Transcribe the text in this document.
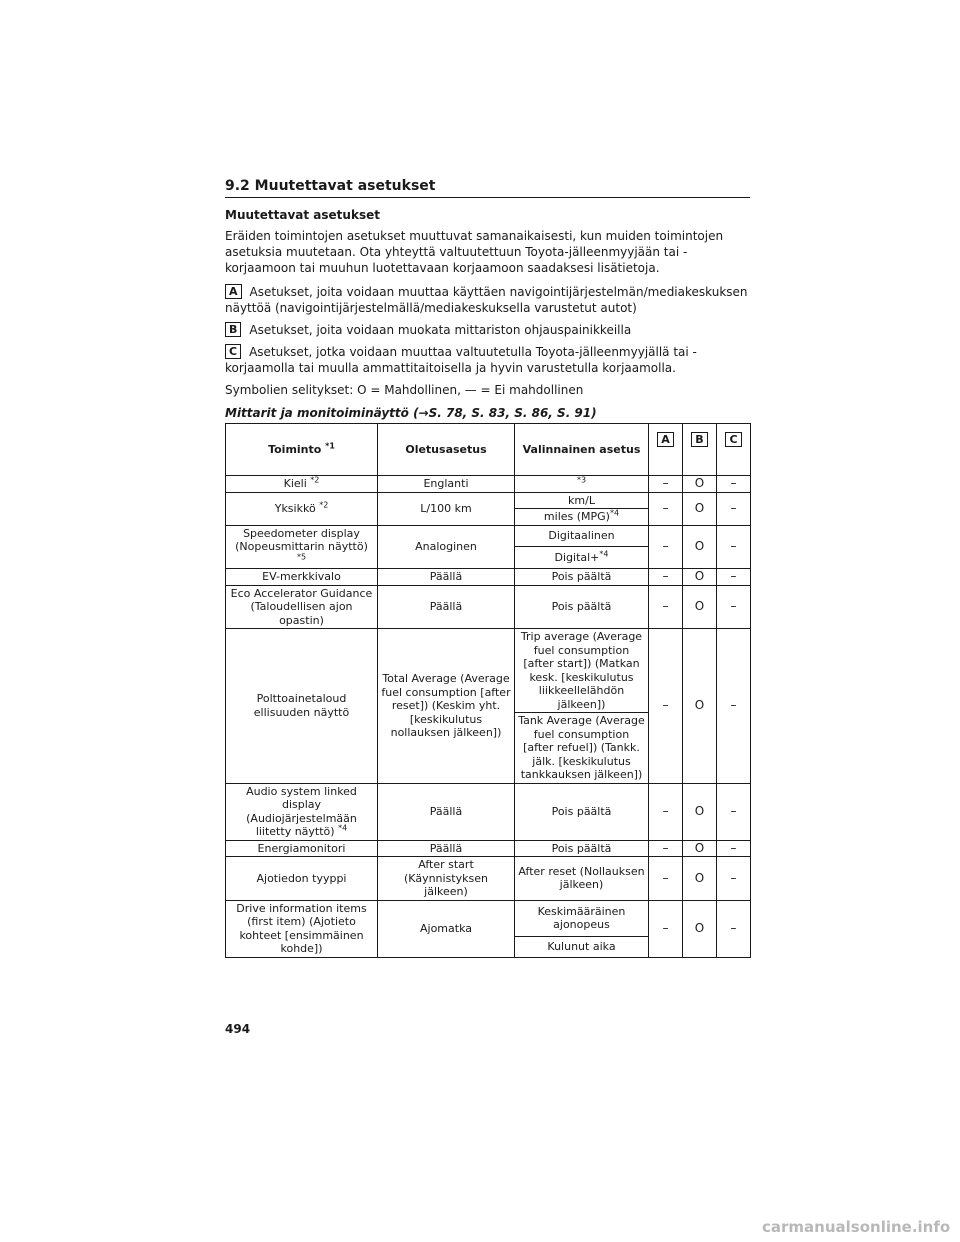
9.2 Muutettavat asetukset
Muutettavat asetukset

Eräiden toimintojen asetukset muuttuvat samanaikaisesti, kun muiden toimintojen asetuksia muutetaan. Ota yhteyttä valtuutettuun Toyota-jälleenmyyjään tai -korjaamoon tai muuhun luotettavaan korjaamoon saadaksesi lisätietoja.

A Asetukset, joita voidaan muuttaa käyttäen navigointijärjestelmän/mediakeskuksen näyttöä (navigointijärjestelmällä/mediakeskuksella varustetut autot)

B Asetukset, joita voidaan muokata mittariston ohjauspainikkeilla

C Asetukset, jotka voidaan muuttaa valtuutetulla Toyota-jälleenmyyjällä tai -korjaamolla tai muulla ammattitaitoisella ja hyvin varustetulla korjaamolla.

Symbolien selitykset: O = Mahdollinen, — = Ei mahdollinen

Mittarit ja monitoiminäyttö (→S. 78, S. 83, S. 86, S. 91)
Toiminto $^{*1}$	Oletusasetus	Valinnainen asetus	A	B	C
Kieli $^{*2}$	Englanti	$^{*3}$	–	O	–
Yksikkö $^{*2}$	L/100 km	km/L	–	O	–
		miles (MPG)$^{*4}$
Speedometer display (Nopeusmittarin näyttö) $^{*5}$	Analoginen	Digitaalinen	–	O	–
		Digital+$^{*4}$
EV-merkkivalo	Päällä	Pois päältä	–	O	–
Eco Accelerator Guidance (Taloudellisen ajon opastin)	Päällä	Pois päältä	–	O	–
Polttoainetaloud ellisuuden näyttö	Total Average (Average fuel consumption [after reset]) (Keskim yht. [keskikulutus nollauksen jälkeen])	Trip average (Average fuel consumption [after start]) (Matkan kesk. [keskikulutus liikkeellelähdön jälkeen])	–	O	–
		Tank Average (Average fuel consumption [after refuel]) (Tankk. jälk. [keskikulutus tankkauksen jälkeen])			
Audio system linked display (Audiojärjestelmään liitetty näyttö) $^{*4}$	Päällä	Pois päältä	–	O	–
Energiamonitori	Päällä	Pois päältä	–	O	–
Ajotiedon tyyppi	After start (Käynnistyksen jälkeen)	After reset (Nollauksen jälkeen)	–	O	–
Drive information items (first item) (Ajotieto kohteet [ensimmäinen kohde])	Ajomatka	Keskimääräinen ajonopeus	–	O	–
		Kulunut aika			
494
carmanualsonline.info
